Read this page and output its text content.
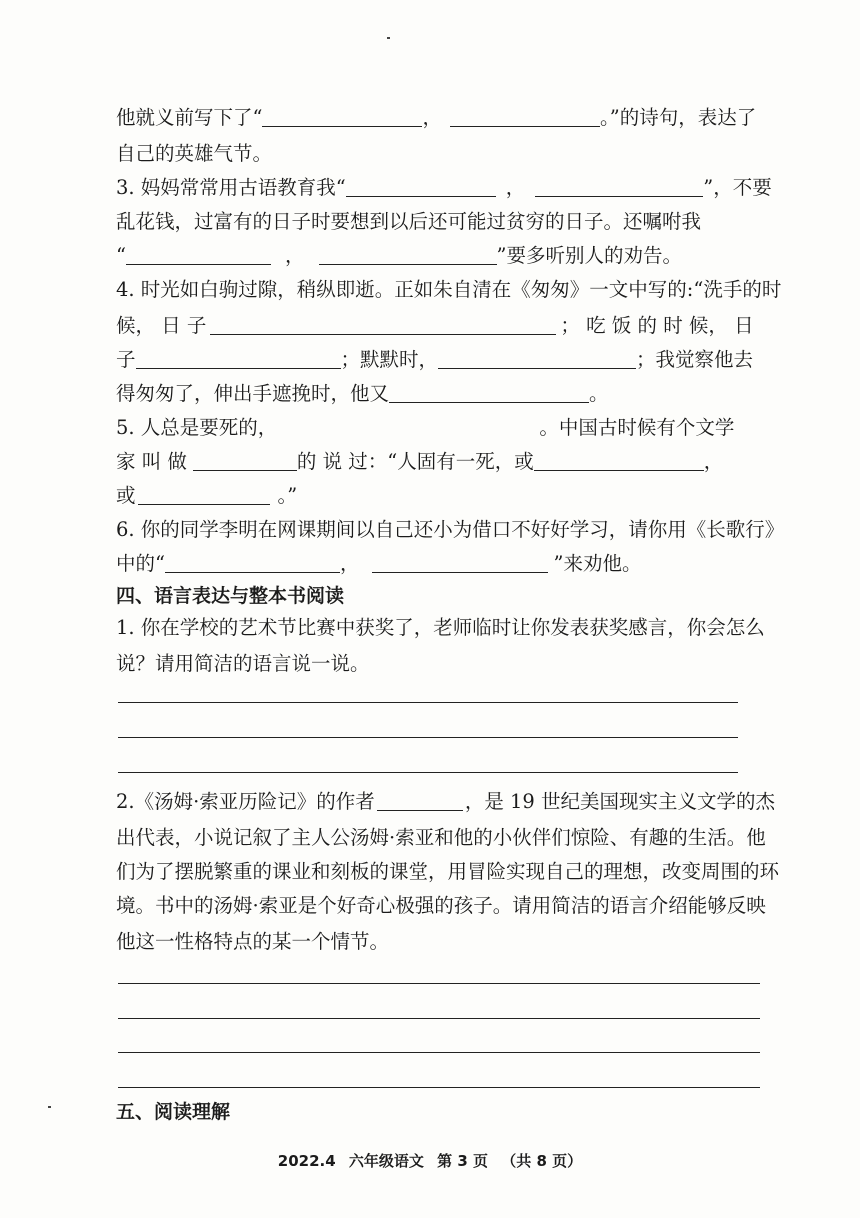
他就义前写下了“	，	。”的诗句，表达了
自己的英雄气节。
3. 妈妈常常用古语教育我“	，	”，不要
乱花钱，过富有的日子时要想到以后还可能过贫穷的日子。还嘱咐我
“	，	”要多听别人的劝告。
4. 时光如白驹过隙，稍纵即逝。正如朱自清在《匆匆》一文中写的:“洗手的时
候， 日 子	； 吃 饭 的 时 候， 日
子	；默默时，	；我觉察他去
得匆匆了，伸出手遮挽时，他又	。
5. 人总是要死的，	。中国古时候有个文学
家 叫 做	的 说 过：“人固有一死，或	，
或	。”
6. 你的同学李明在网课期间以自己还小为借口不好好学习，请你用《长歌行》
中的“	，	”来劝他。
四、语言表达与整本书阅读
1. 你在学校的艺术节比赛中获奖了，老师临时让你发表获奖感言，你会怎么
说？请用简洁的语言说一说。
2.《汤姆·索亚历险记》的作者	，是 19 世纪美国现实主义文学的杰
出代表，小说记叙了主人公汤姆·索亚和他的小伙伴们惊险、有趣的生活。他
们为了摆脱繁重的课业和刻板的课堂，用冒险实现自己的理想，改变周围的环
境。书中的汤姆·索亚是个好奇心极强的孩子。请用简洁的语言介绍能够反映
他这一性格特点的某一个情节。
五、阅读理解
2022.4 六年级语文 第 3 页 （共 8 页）
